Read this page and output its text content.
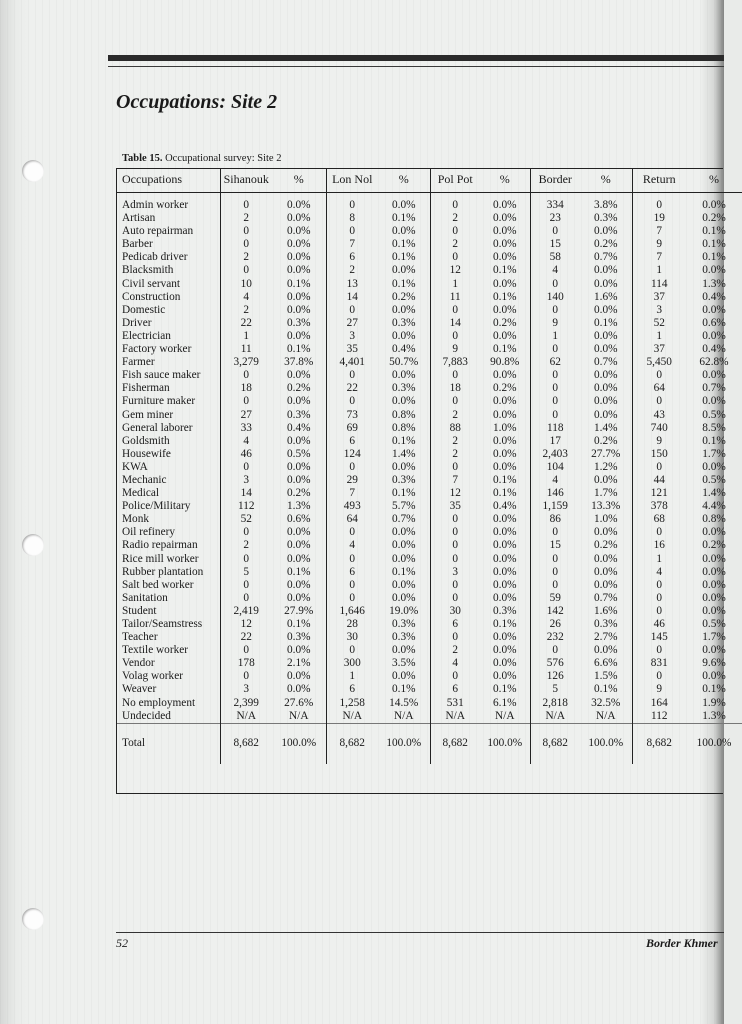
Occupations: Site 2
Table 15. Occupational survey: Site 2
Occupations	Sihanouk	%	Lon Nol	%	Pol Pot	%	Border	%	Return	%

Admin worker	0	0.0%	0	0.0%	0	0.0%	334	3.8%	0	0.0%
Artisan	2	0.0%	8	0.1%	2	0.0%	23	0.3%	19	0.2%
Auto repairman	0	0.0%	0	0.0%	0	0.0%	0	0.0%	7	0.1%
Barber	0	0.0%	7	0.1%	2	0.0%	15	0.2%	9	0.1%
Pedicab driver	2	0.0%	6	0.1%	0	0.0%	58	0.7%	7	0.1%
Blacksmith	0	0.0%	2	0.0%	12	0.1%	4	0.0%	1	0.0%
Civil servant	10	0.1%	13	0.1%	1	0.0%	0	0.0%	114	1.3%
Construction	4	0.0%	14	0.2%	11	0.1%	140	1.6%	37	0.4%
Domestic	2	0.0%	0	0.0%	0	0.0%	0	0.0%	3	0.0%
Driver	22	0.3%	27	0.3%	14	0.2%	9	0.1%	52	0.6%
Electrician	1	0.0%	3	0.0%	0	0.0%	1	0.0%	1	0.0%
Factory worker	11	0.1%	35	0.4%	9	0.1%	0	0.0%	37	0.4%
Farmer	3,279	37.8%	4,401	50.7%	7,883	90.8%	62	0.7%	5,450	62.8%
Fish sauce maker	0	0.0%	0	0.0%	0	0.0%	0	0.0%	0	0.0%
Fisherman	18	0.2%	22	0.3%	18	0.2%	0	0.0%	64	0.7%
Furniture maker	0	0.0%	0	0.0%	0	0.0%	0	0.0%	0	0.0%
Gem miner	27	0.3%	73	0.8%	2	0.0%	0	0.0%	43	0.5%
General laborer	33	0.4%	69	0.8%	88	1.0%	118	1.4%	740	8.5%
Goldsmith	4	0.0%	6	0.1%	2	0.0%	17	0.2%	9	0.1%
Housewife	46	0.5%	124	1.4%	2	0.0%	2,403	27.7%	150	1.7%
KWA	0	0.0%	0	0.0%	0	0.0%	104	1.2%	0	0.0%
Mechanic	3	0.0%	29	0.3%	7	0.1%	4	0.0%	44	0.5%
Medical	14	0.2%	7	0.1%	12	0.1%	146	1.7%	121	1.4%
Police/Military	112	1.3%	493	5.7%	35	0.4%	1,159	13.3%	378	4.4%
Monk	52	0.6%	64	0.7%	0	0.0%	86	1.0%	68	0.8%
Oil refinery	0	0.0%	0	0.0%	0	0.0%	0	0.0%	0	0.0%
Radio repairman	2	0.0%	4	0.0%	0	0.0%	15	0.2%	16	0.2%
Rice mill worker	0	0.0%	0	0.0%	0	0.0%	0	0.0%	1	0.0%
Rubber plantation	5	0.1%	6	0.1%	3	0.0%	0	0.0%	4	0.0%
Salt bed worker	0	0.0%	0	0.0%	0	0.0%	0	0.0%	0	0.0%
Sanitation	0	0.0%	0	0.0%	0	0.0%	59	0.7%	0	0.0%
Student	2,419	27.9%	1,646	19.0%	30	0.3%	142	1.6%	0	0.0%
Tailor/Seamstress	12	0.1%	28	0.3%	6	0.1%	26	0.3%	46	0.5%
Teacher	22	0.3%	30	0.3%	0	0.0%	232	2.7%	145	1.7%
Textile worker	0	0.0%	0	0.0%	2	0.0%	0	0.0%	0	0.0%
Vendor	178	2.1%	300	3.5%	4	0.0%	576	6.6%	831	9.6%
Volag worker	0	0.0%	1	0.0%	0	0.0%	126	1.5%	0	0.0%
Weaver	3	0.0%	6	0.1%	6	0.1%	5	0.1%	9	0.1%
No employment	2,399	27.6%	1,258	14.5%	531	6.1%	2,818	32.5%	164	1.9%
Undecided	N/A	N/A	N/A	N/A	N/A	N/A	N/A	N/A	112	1.3%
Total	8,682	100.0%	8,682	100.0%	8,682	100.0%	8,682	100.0%	8,682	100.0%
52	Border Khmer
